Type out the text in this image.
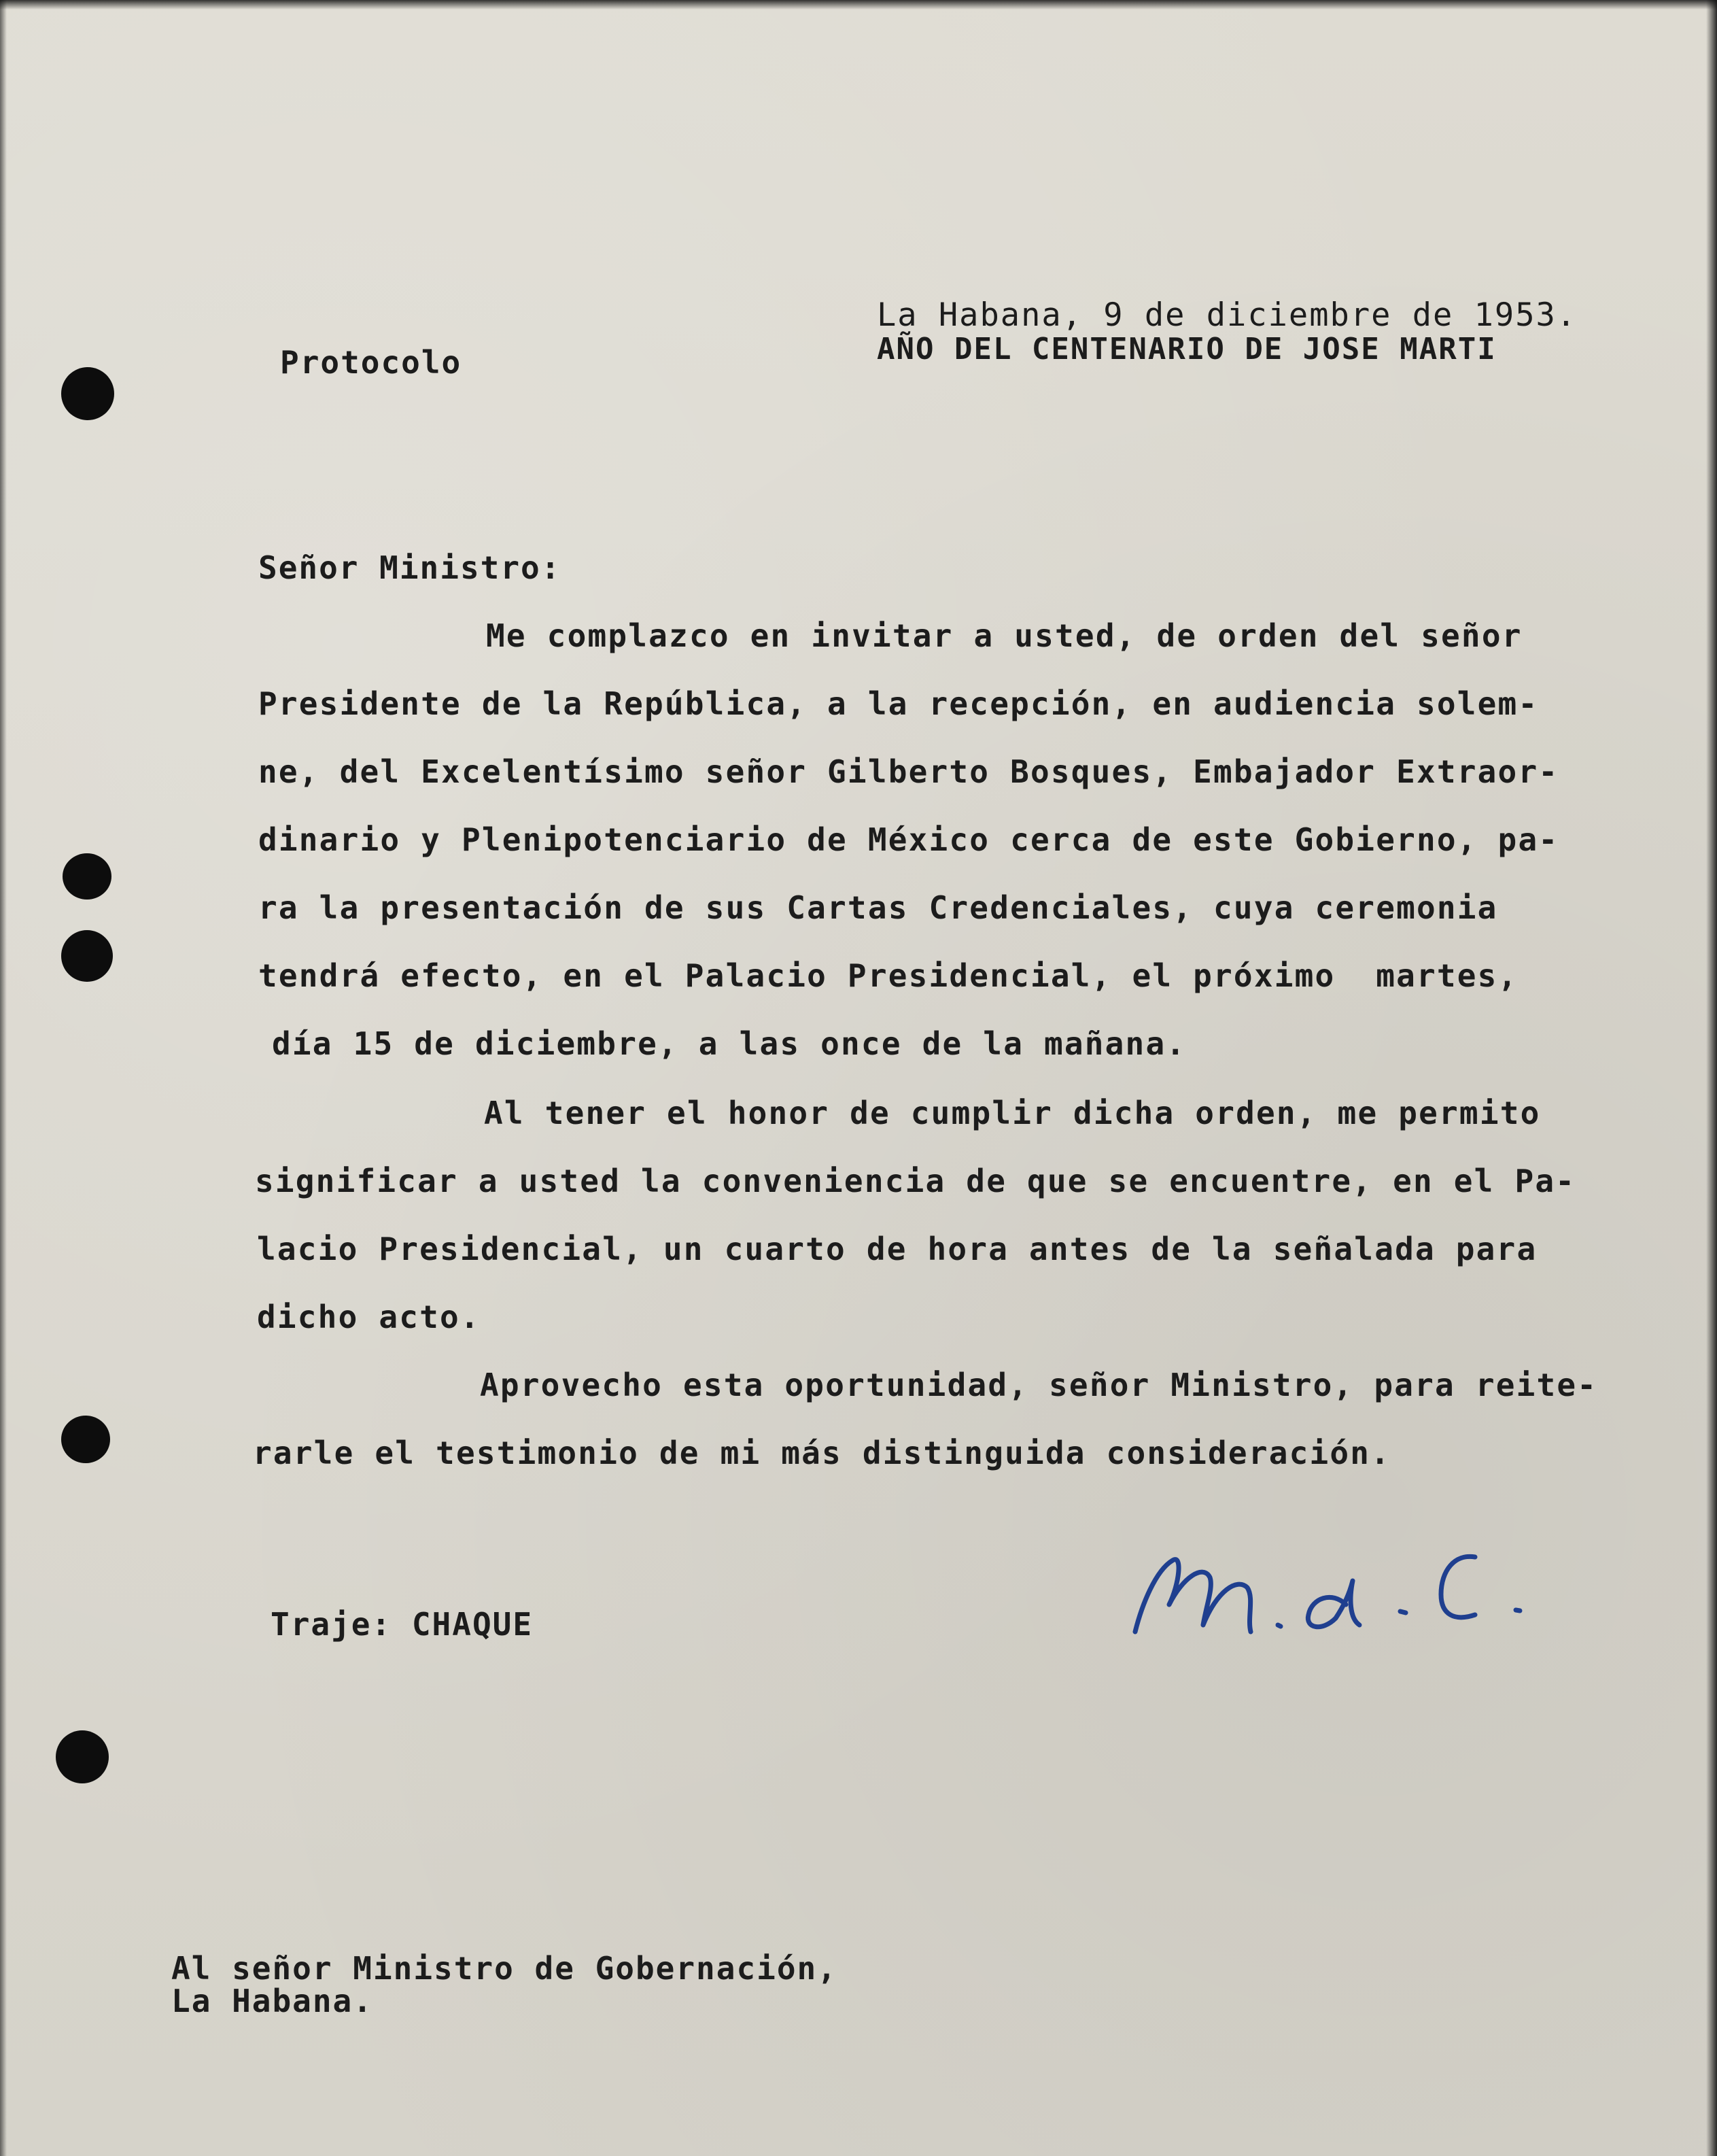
La Habana, 9 de diciembre de 1953.
AÑO DEL CENTENARIO DE JOSE MARTI
Protocolo
Señor Ministro:
Me complazco en invitar a usted, de orden del señor
Presidente de la República, a la recepción, en audiencia solem-
ne, del Excelentísimo señor Gilberto Bosques, Embajador Extraor-
dinario y Plenipotenciario de México cerca de este Gobierno, pa-
ra la presentación de sus Cartas Credenciales, cuya ceremonia
tendrá efecto, en el Palacio Presidencial, el próximo  martes,
día 15 de diciembre, a las once de la mañana.
Al tener el honor de cumplir dicha orden, me permito
significar a usted la conveniencia de que se encuentre, en el Pa-
lacio Presidencial, un cuarto de hora antes de la señalada para
dicho acto.
Aprovecho esta oportunidad, señor Ministro, para reite-
rarle el testimonio de mi más distinguida consideración.
Traje: CHAQUE
Al señor Ministro de Gobernación,
La Habana.
